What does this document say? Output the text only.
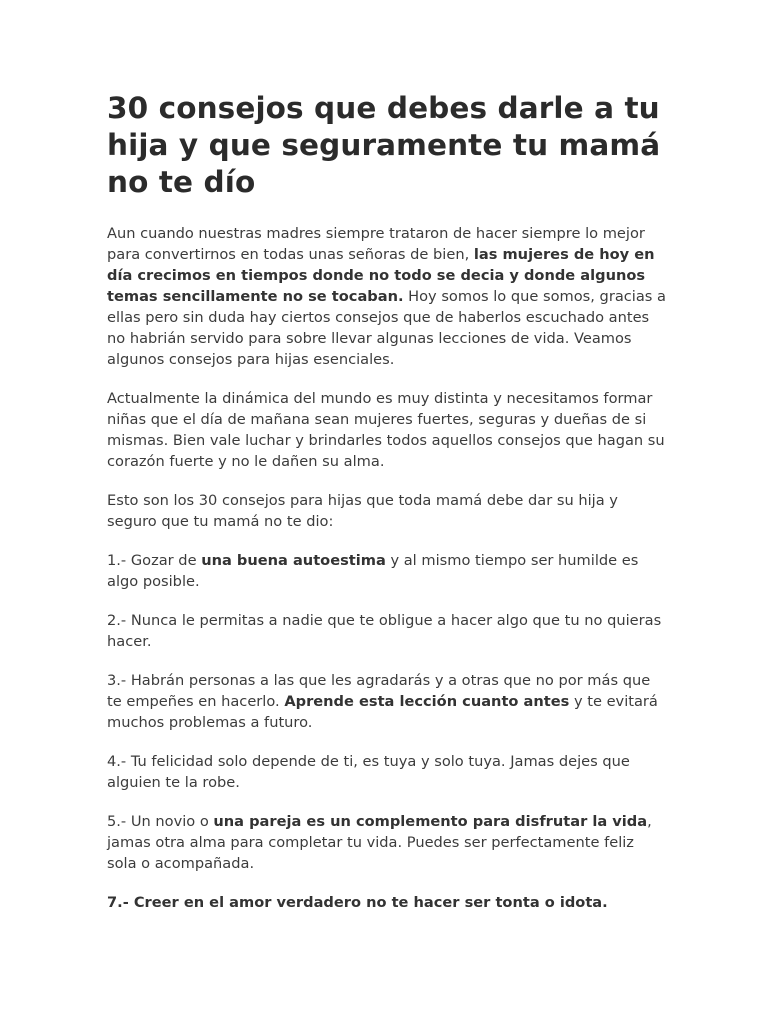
30 consejos que debes darle a tu hija y que seguramente tu mamá no te dío

Aun cuando nuestras madres siempre trataron de hacer siempre lo mejor para convertirnos en todas unas señoras de bien, las mujeres de hoy en día crecimos en tiempos donde no todo se decia y donde algunos temas sencillamente no se tocaban. Hoy somos lo que somos, gracias a ellas pero sin duda hay ciertos consejos que de haberlos escuchado antes no habrián servido para sobre llevar algunas lecciones de vida. Veamos algunos consejos para hijas esenciales.

Actualmente la dinámica del mundo es muy distinta y necesitamos formar niñas que el día de mañana sean mujeres fuertes, seguras y dueñas de si mismas. Bien vale luchar y brindarles todos aquellos consejos que hagan su corazón fuerte y no le dañen su alma.

Esto son los 30 consejos para hijas que toda mamá debe dar su hija y seguro que tu mamá no te dio:

1.- Gozar de una buena autoestima y al mismo tiempo ser humilde es algo posible.

2.- Nunca le permitas a nadie que te obligue a hacer algo que tu no quieras hacer.

3.- Habrán personas a las que les agradarás y a otras que no por más que te empeñes en hacerlo. Aprende esta lección cuanto antes y te evitará muchos problemas a futuro.

4.- Tu felicidad solo depende de ti, es tuya y solo tuya. Jamas dejes que alguien te la robe.

5.- Un novio o una pareja es un complemento para disfrutar la vida, jamas otra alma para completar tu vida. Puedes ser perfectamente feliz sola o acompañada.

7.- Creer en el amor verdadero no te hacer ser tonta o idota.
